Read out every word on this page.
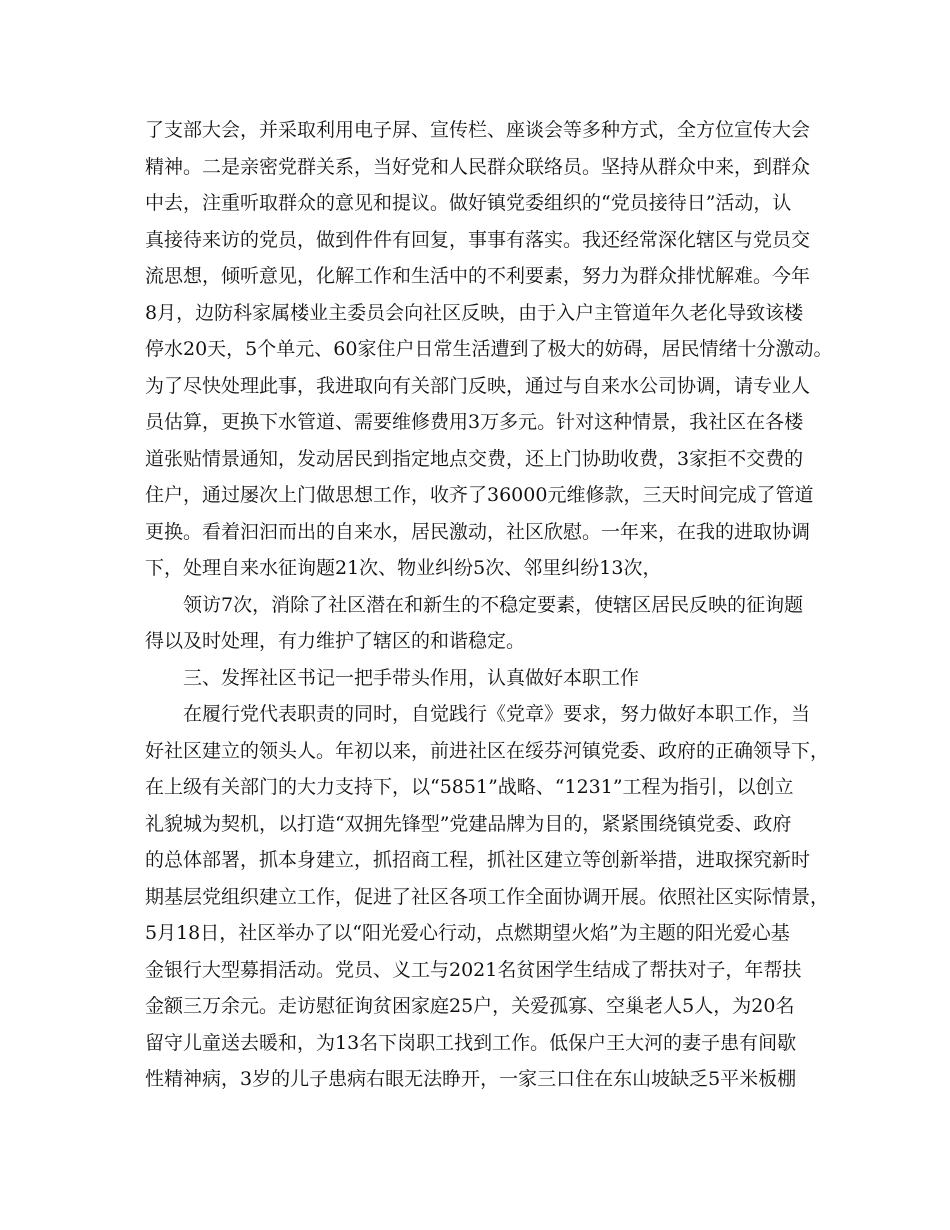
了支部大会，并采取利用电子屏、宣传栏、座谈会等多种方式，全方位宣传大会
精神。二是亲密党群关系，当好党和人民群众联络员。坚持从群众中来，到群众
中去，注重听取群众的意见和提议。做好镇党委组织的“党员接待日”活动，认
真接待来访的党员，做到件件有回复，事事有落实。我还经常深化辖区与党员交
流思想，倾听意见，化解工作和生活中的不利要素，努力为群众排忧解难。今年
8月，边防科家属楼业主委员会向社区反映，由于入户主管道年久老化导致该楼
停水20天，5个单元、60家住户日常生活遭到了极大的妨碍，居民情绪十分激动。
为了尽快处理此事，我进取向有关部门反映，通过与自来水公司协调，请专业人
员估算，更换下水管道、需要维修费用3万多元。针对这种情景，我社区在各楼
道张贴情景通知，发动居民到指定地点交费，还上门协助收费，3家拒不交费的
住户，通过屡次上门做思想工作，收齐了36000元维修款，三天时间完成了管道
更换。看着汩汩而出的自来水，居民激动，社区欣慰。一年来，在我的进取协调
下，处理自来水征询题21次、物业纠纷5次、邻里纠纷13次，
领访7次，消除了社区潜在和新生的不稳定要素，使辖区居民反映的征询题
得以及时处理，有力维护了辖区的和谐稳定。
三、发挥社区书记一把手带头作用，认真做好本职工作
在履行党代表职责的同时，自觉践行《党章》要求，努力做好本职工作，当
好社区建立的领头人。年初以来，前进社区在绥芬河镇党委、政府的正确领导下，
在上级有关部门的大力支持下，以“5851”战略、“1231”工程为指引，以创立
礼貌城为契机，以打造“双拥先锋型”党建品牌为目的，紧紧围绕镇党委、政府
的总体部署，抓本身建立，抓招商工程，抓社区建立等创新举措，进取探究新时
期基层党组织建立工作，促进了社区各项工作全面协调开展。依照社区实际情景，
5月18日，社区举办了以“阳光爱心行动，点燃期望火焰”为主题的阳光爱心基
金银行大型募捐活动。党员、义工与2021名贫困学生结成了帮扶对子，年帮扶
金额三万余元。走访慰征询贫困家庭25户，关爱孤寡、空巢老人5人，为20名
留守儿童送去暖和，为13名下岗职工找到工作。低保户王大河的妻子患有间歇
性精神病，3岁的儿子患病右眼无法睁开，一家三口住在东山坡缺乏5平米板棚
